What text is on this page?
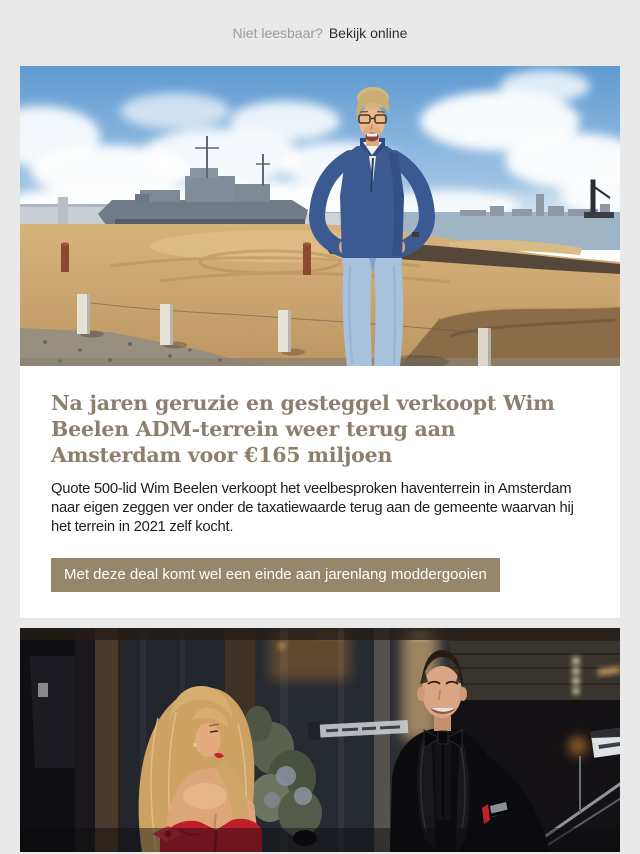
Niet leesbaar? Bekijk online
Na jaren geruzie en gesteggel verkoopt Wim Beelen ADM-terrein weer terug aan Amsterdam voor €165 miljoen

Quote 500-lid Wim Beelen verkoopt het veelbesproken haventerrein in Amsterdam naar eigen zeggen ver onder de taxatiewaarde terug aan de gemeente waarvan hij het terrein in 2021 zelf kocht.

Met deze deal komt wel een einde aan jarenlang moddergooien
